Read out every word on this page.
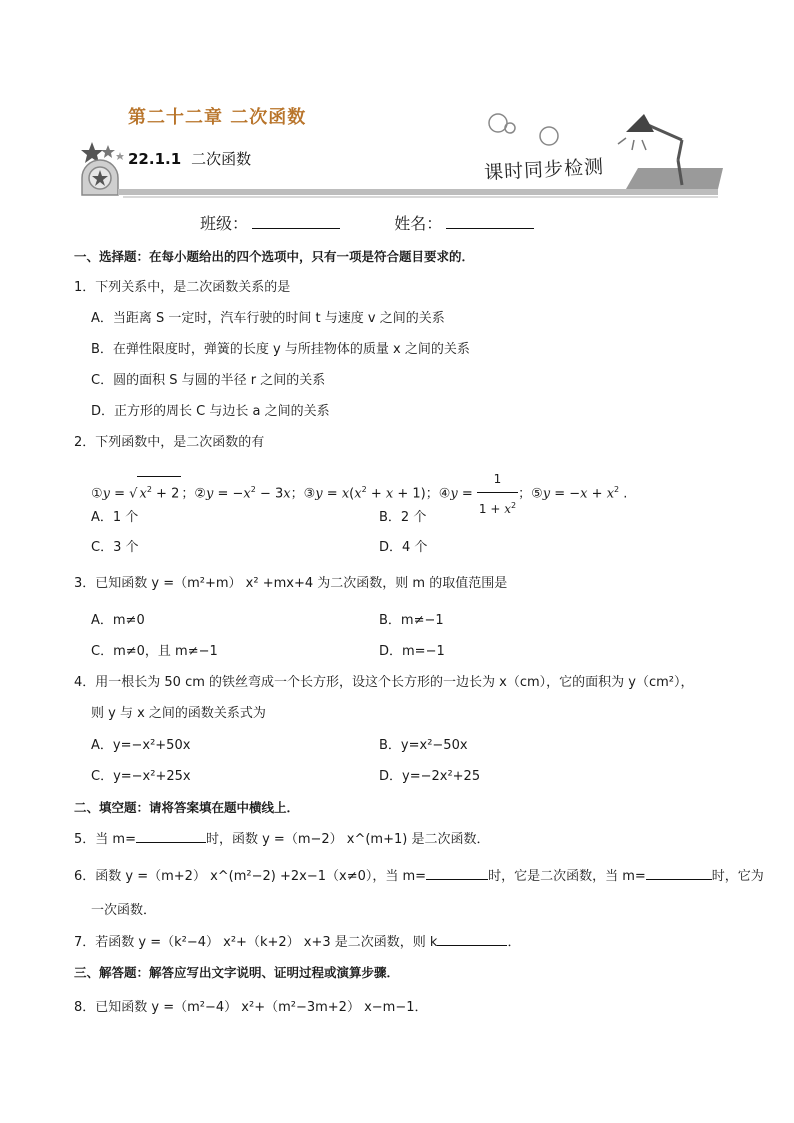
第二十二章 二次函数
22.1.1 二次函数	课时同步检测
班级：	姓名：
一、选择题：在每小题给出的四个选项中，只有一项是符合题目要求的．
1．下列关系中，是二次函数关系的是
A．当距离 S 一定时，汽车行驶的时间 t 与速度 v 之间的关系
B．在弹性限度时，弹簧的长度 y 与所挂物体的质量 x 之间的关系
C．圆的面积 S 与圆的半径 r 之间的关系
D．正方形的周长 C 与边长 a 之间的关系
2．下列函数中，是二次函数的有
①y = √ $x^2 + 2$ ；②y = $-x^2 - 3x$；③y = $x(x^2 + x + 1)$；④y = $\frac{1}{1 + x^2}$ ；⑤y = $-x + x^2$ .
A．1 个	B．2 个
C．3 个	D．4 个
3．已知函数 y =（m²+m） x² +mx+4 为二次函数，则 m 的取值范围是
A．m≠0	B．m≠−1
C．m≠0，且 m≠−1	D．m=−1
4．用一根长为 50 cm 的铁丝弯成一个长方形，设这个长方形的一边长为 x（cm），它的面积为 y（cm²），
则 y 与 x 之间的函数关系式为
A．y=−x²+50x	B．y=x²−50x
C．y=−x²+25x	D．y=−2x²+25
二、填空题：请将答案填在题中横线上．
5．当 m=	时，函数 y =（m−2） x^(m+1) 是二次函数．
6．函数 y =（m+2） x^(m²−2) +2x−1（x≠0），当 m=	时，它是二次函数，当 m=	时，它为
一次函数．
7．若函数 y =（k²−4） x²+（k+2） x+3 是二次函数，则 k	．
三、解答题：解答应写出文字说明、证明过程或演算步骤．
8．已知函数 y =（m²−4） x²+（m²−3m+2） x−m−1．
